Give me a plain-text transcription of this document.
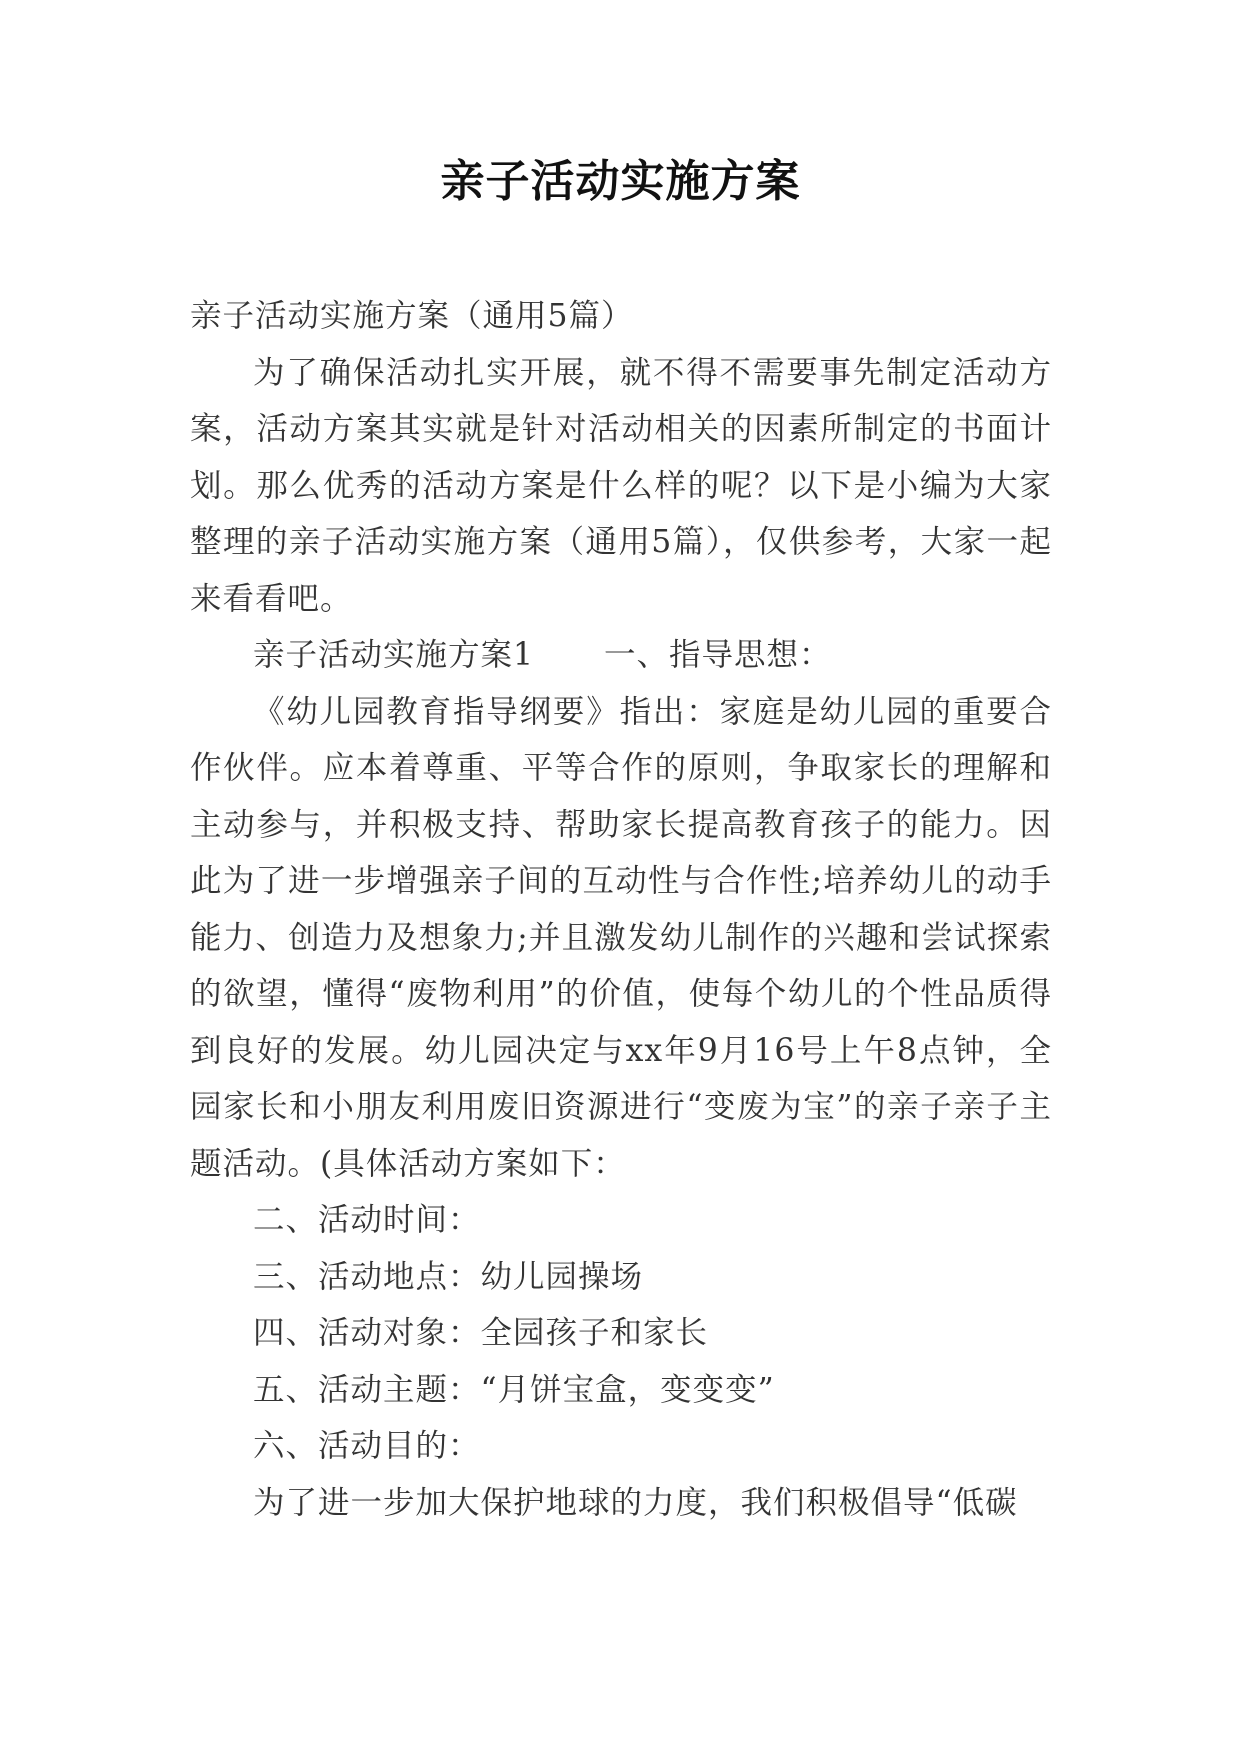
亲子活动实施方案

亲子活动实施方案（通用5篇）

为了确保活动扎实开展，就不得不需要事先制定活动方案，活动方案其实就是针对活动相关的因素所制定的书面计划。那么优秀的活动方案是什么样的呢？以下是小编为大家整理的亲子活动实施方案（通用5篇），仅供参考，大家一起来看看吧。

亲子活动实施方案1 一、指导思想：

《幼儿园教育指导纲要》指出：家庭是幼儿园的重要合作伙伴。应本着尊重、平等合作的原则，争取家长的理解和主动参与，并积极支持、帮助家长提高教育孩子的能力。因此为了进一步增强亲子间的互动性与合作性;培养幼儿的动手能力、创造力及想象力;并且激发幼儿制作的兴趣和尝试探索的欲望，懂得“废物利用”的价值，使每个幼儿的个性品质得到良好的发展。幼儿园决定与xx年9月16号上午8点钟，全园家长和小朋友利用废旧资源进行“变废为宝”的亲子亲子主题活动。(具体活动方案如下：

二、活动时间：

三、活动地点：幼儿园操场

四、活动对象：全园孩子和家长

五、活动主题：“月饼宝盒，变变变”

六、活动目的：

为了进一步加大保护地球的力度，我们积极倡导“低碳
